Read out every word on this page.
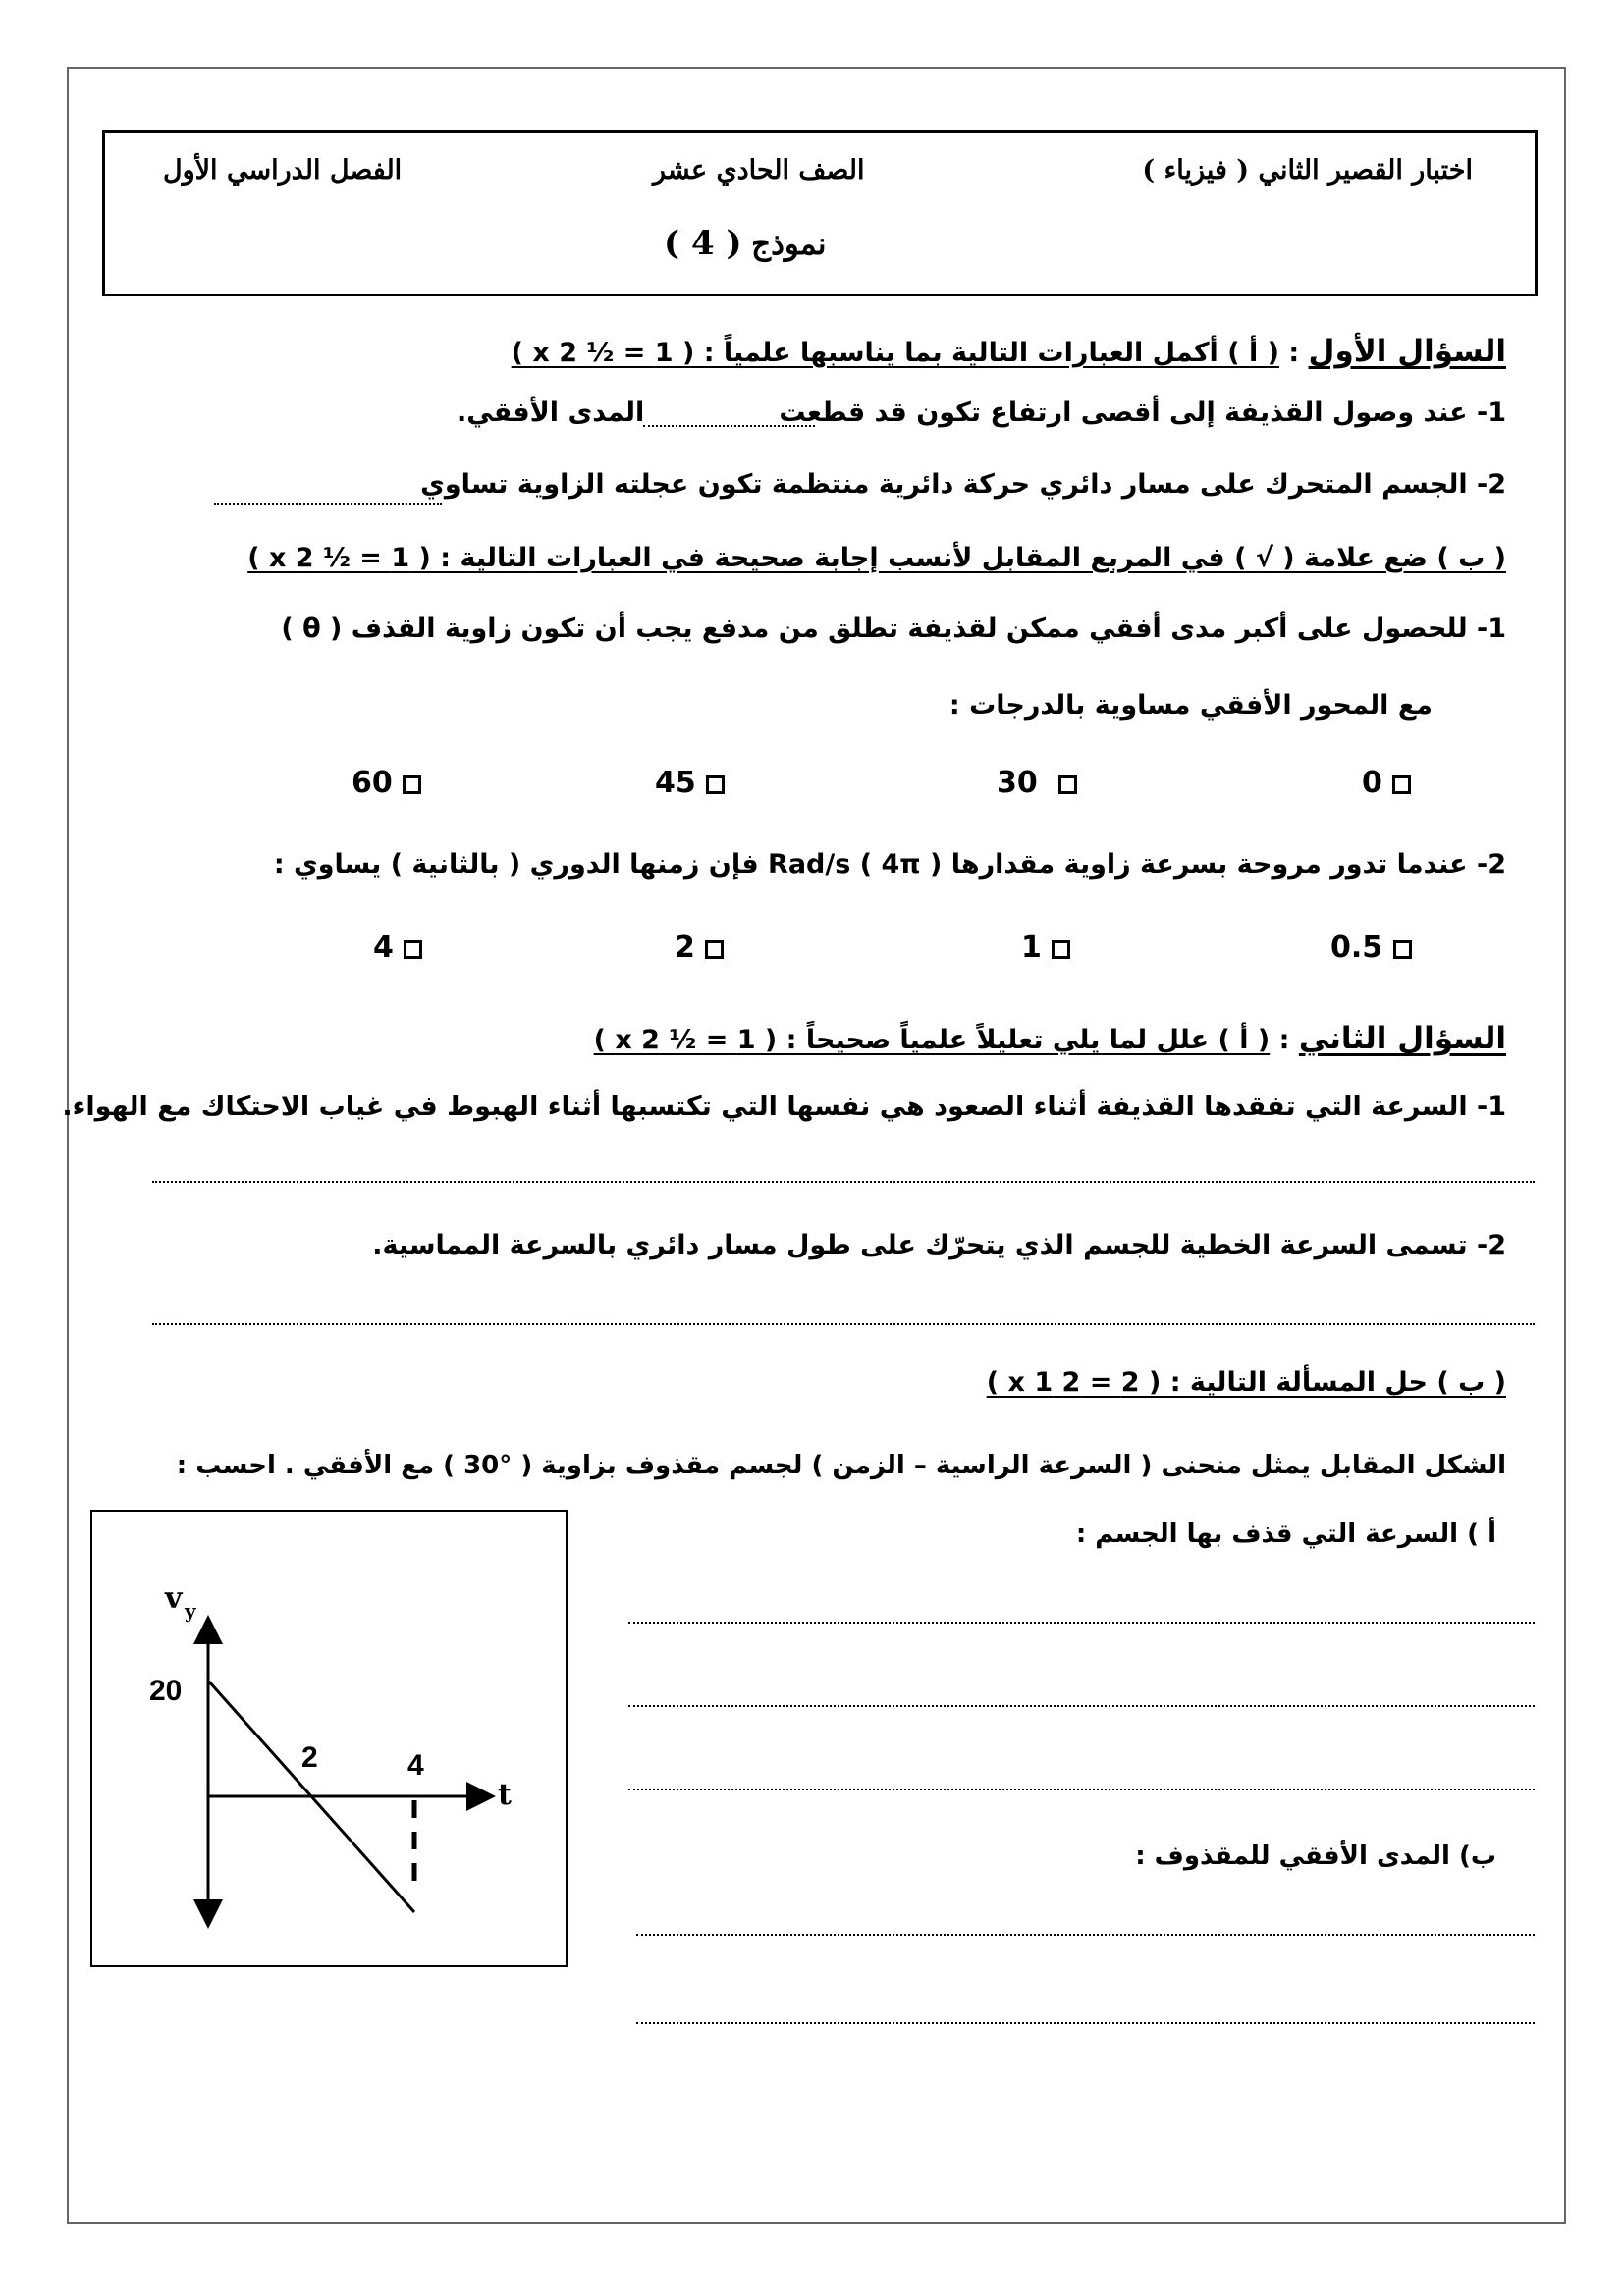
اختبار القصير الثاني ( فيزياء )
الصف الحادي عشر
الفصل الدراسي الأول
نموذج ( 4 )
السؤال الأول : ( أ ) أكمل العبارات التالية بما يناسبها علمياً : ( 1 = ½ x 2 )
1- عند وصول القذيفة إلى أقصى ارتفاع تكون قد قطعت
المدى الأفقي.
2- الجسم المتحرك على مسار دائري حركة دائرية منتظمة تكون عجلته الزاوية تساوي
( ب ) ضع علامة ( √ ) في المربع المقابل لأنسب إجابة صحيحة في العبارات التالية : ( 1 = ½ x 2 )
1- للحصول على أكبر مدى أفقي ممكن لقذيفة تطلق من مدفع يجب أن تكون زاوية القذف ( θ )
مع المحور الأفقي مساوية بالدرجات :
0
30
45
60
2- عندما تدور مروحة بسرعة زاوية مقدارها ( 4π ) Rad/s فإن زمنها الدوري ( بالثانية ) يساوي :
0.5
1
2
4
السؤال الثاني : ( أ ) علل لما يلي تعليلاً علمياً صحيحاً : ( 1 = ½ x 2 )
1- السرعة التي تفقدها القذيفة أثناء الصعود هي نفسها التي تكتسبها أثناء الهبوط في غياب الاحتكاك مع الهواء.
2- تسمى السرعة الخطية للجسم الذي يتحرّك على طول مسار دائري بالسرعة المماسية.
( ب ) حل المسألة التالية : ( 2 = 2 x 1 )
الشكل المقابل يمثل منحنى ( السرعة الراسية – الزمن ) لجسم مقذوف بزاوية ( °30 ) مع الأفقي . احسب :
أ ) السرعة التي قذف بها الجسم :
ب) المدى الأفقي للمقذوف :
v y
t
20
2	4
